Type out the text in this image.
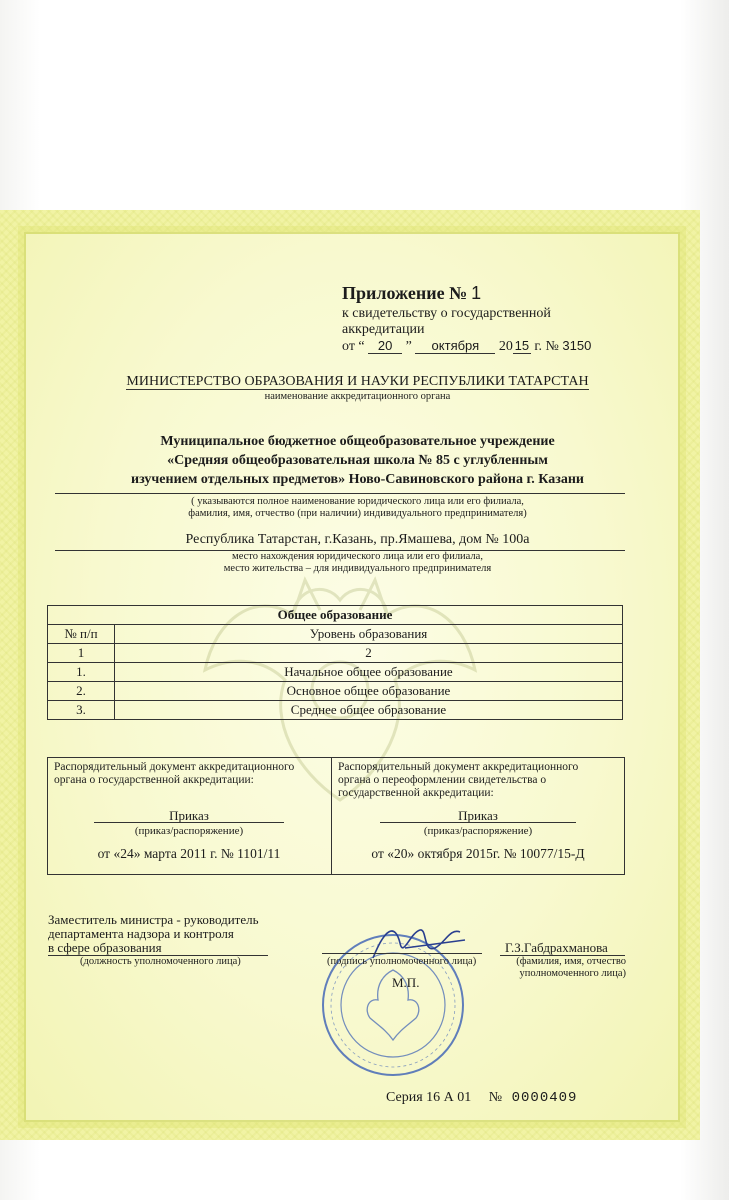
Приложение № 1
к свидетельству о государственной
аккредитации
от “ 20 ” октября 20 15 г. № 3150
МИНИСТЕРСТВО ОБРАЗОВАНИЯ И НАУКИ РЕСПУБЛИКИ ТАТАРСТАН
наименование аккредитационного органа
Муниципальное бюджетное общеобразовательное учреждение
«Средняя общеобразовательная школа № 85 с углубленным
изучением отдельных предметов» Ново-Савиновского района г. Казани
( указываются полное наименование юридического лица или его филиала,
фамилия, имя, отчество (при наличии) индивидуального предпринимателя)
Республика Татарстан, г.Казань, пр.Ямашева, дом № 100а
место нахождения юридического лица или его филиала,
место жительства – для индивидуального предпринимателя
Общее образование	
№ п/п	Уровень образования
1	2
1.	Начальное общее образование
2.	Основное общее образование
3.	Среднее общее образование
Распорядительный документ аккредитационного
органа о государственной аккредитации:
Приказ
(приказ/распоряжение)
от «24» марта 2011 г. № 1101/11
Распорядительный документ аккредитационного
органа о переоформлении свидетельства о
государственной аккредитации:
Приказ
(приказ/распоряжение)
от «20» октября 2015г. № 10077/15-Д
Заместитель министра - руководитель
департамента надзора и контроля
в сфере образования
(должность уполномоченного лица)	(подпись уполномоченного лица)
Г.З.Габдрахманова
(фамилия, имя, отчество
уполномоченного лица)
М.П.
Серия 16 А 01 № 0000409
